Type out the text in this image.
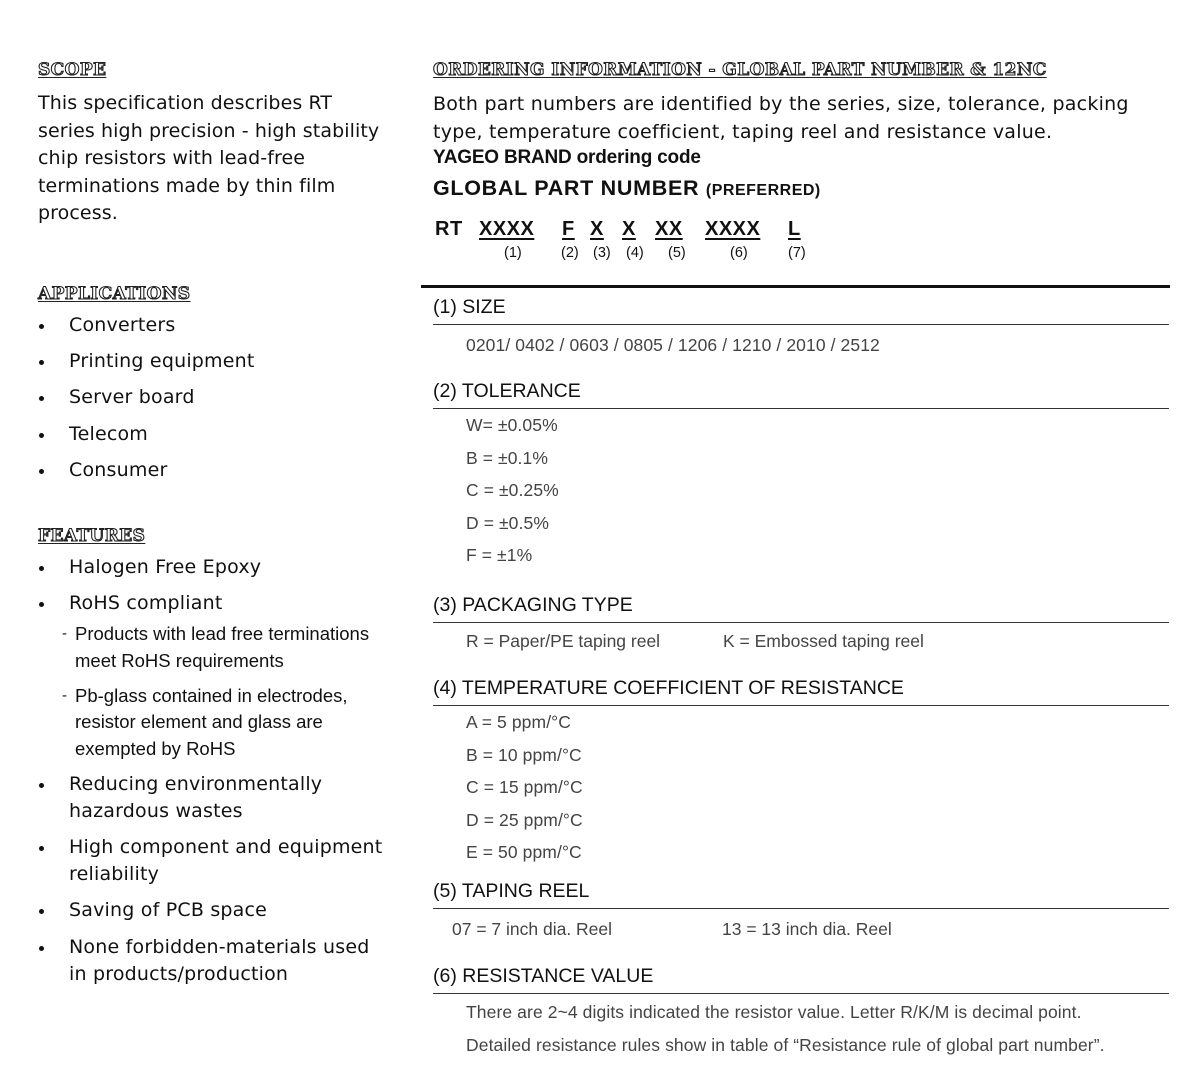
SCOPE

This specification describes RT series high precision - high stability chip resistors with lead-free terminations made by thin film process.

APPLICATIONS
Converters
Printing equipment
Server board
Telecom
Consumer
FEATURES
Halogen Free Epoxy
RoHS compliant
- Products with lead free terminations meet RoHS requirements
- Pb-glass contained in electrodes, resistor element and glass are exempted by RoHS
Reducing environmentally hazardous wastes
High component and equipment reliability
Saving of PCB space
None forbidden-materials used in products/production
ORDERING INFORMATION - GLOBAL PART NUMBER & 12NC

Both part numbers are identified by the series, size, tolerance, packing type, temperature coefficient, taping reel and resistance value.

YAGEO BRAND ordering code

GLOBAL PART NUMBER (PREFERRED)

RT XXXX F X X XX XXXX L
(1)	(2) (3) (4) (5)	(6)	(7)
(1) SIZE
0201/ 0402 / 0603 / 0805 / 1206 / 1210 / 2010 / 2512
(2) TOLERANCE
W= ±0.05%
B = ±0.1%
C = ±0.25%
D = ±0.5%
F = ±1%
(3) PACKAGING TYPE
R = Paper/PE taping reel	K = Embossed taping reel
(4) TEMPERATURE COEFFICIENT OF RESISTANCE
A = 5 ppm/°C
B = 10 ppm/°C
C = 15 ppm/°C
D = 25 ppm/°C
E = 50 ppm/°C
(5) TAPING REEL
07 = 7 inch dia. Reel	13 = 13 inch dia. Reel
(6) RESISTANCE VALUE
There are 2~4 digits indicated the resistor value. Letter R/K/M is decimal point.
Detailed resistance rules show in table of “Resistance rule of global part number”.
